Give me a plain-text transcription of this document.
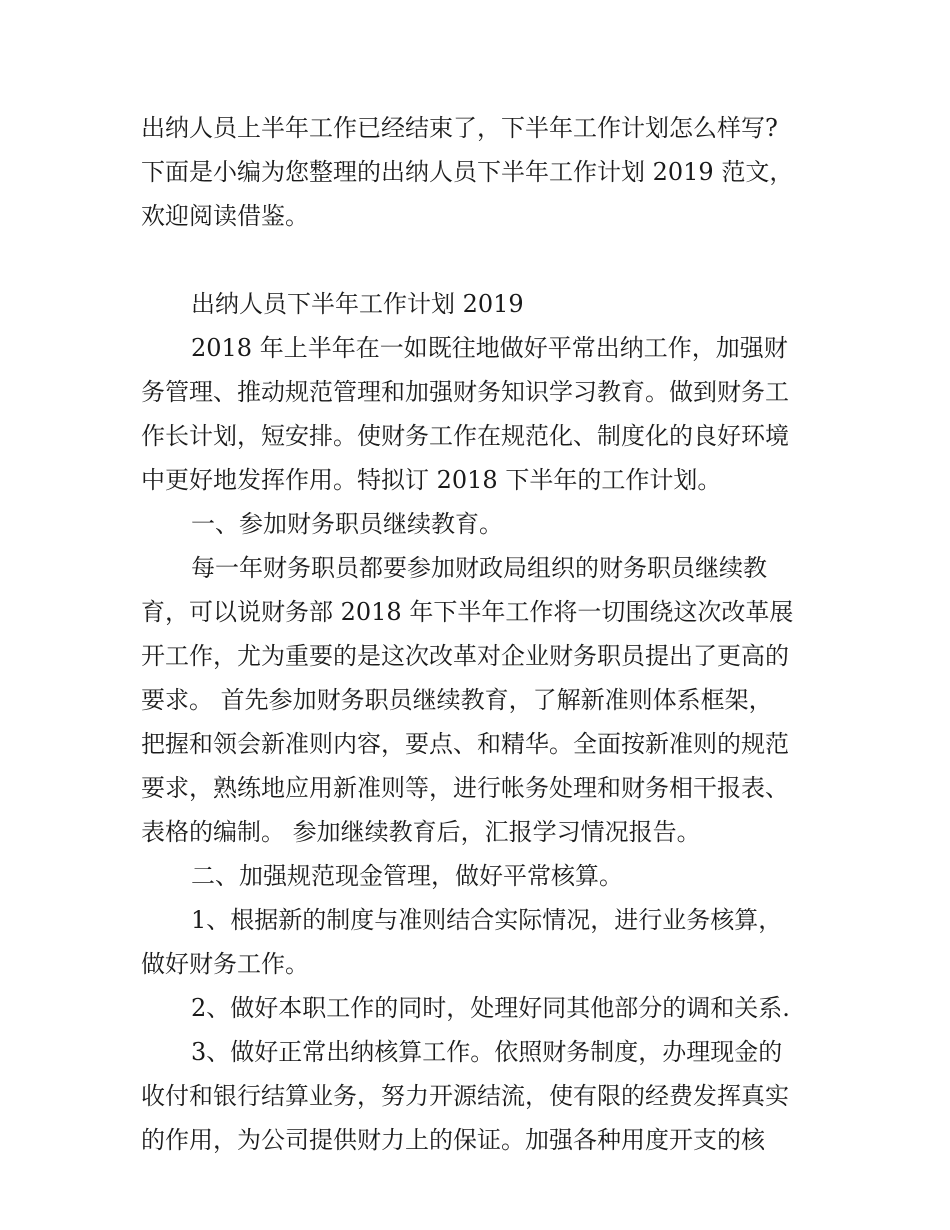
出纳人员上半年工作已经结束了，下半年工作计划怎么样写?

下面是小编为您整理的出纳人员下半年工作计划 2019 范文，

欢迎阅读借鉴。

出纳人员下半年工作计划 2019

2018 年上半年在一如既往地做好平常出纳工作，加强财

务管理、推动规范管理和加强财务知识学习教育。做到财务工

作长计划，短安排。使财务工作在规范化、制度化的良好环境

中更好地发挥作用。特拟订 2018 下半年的工作计划。

一、参加财务职员继续教育。

每一年财务职员都要参加财政局组织的财务职员继续教

育，可以说财务部 2018 年下半年工作将一切围绕这次改革展

开工作，尤为重要的是这次改革对企业财务职员提出了更高的

要求。 首先参加财务职员继续教育，了解新准则体系框架，

把握和领会新准则内容，要点、和精华。全面按新准则的规范

要求，熟练地应用新准则等，进行帐务处理和财务相干报表、

表格的编制。 参加继续教育后，汇报学习情况报告。

二、加强规范现金管理，做好平常核算。

1、根据新的制度与准则结合实际情况，进行业务核算，

做好财务工作。

2、做好本职工作的同时，处理好同其他部分的调和关系.

3、做好正常出纳核算工作。依照财务制度，办理现金的

收付和银行结算业务，努力开源结流，使有限的经费发挥真实

的作用，为公司提供财力上的保证。加强各种用度开支的核
